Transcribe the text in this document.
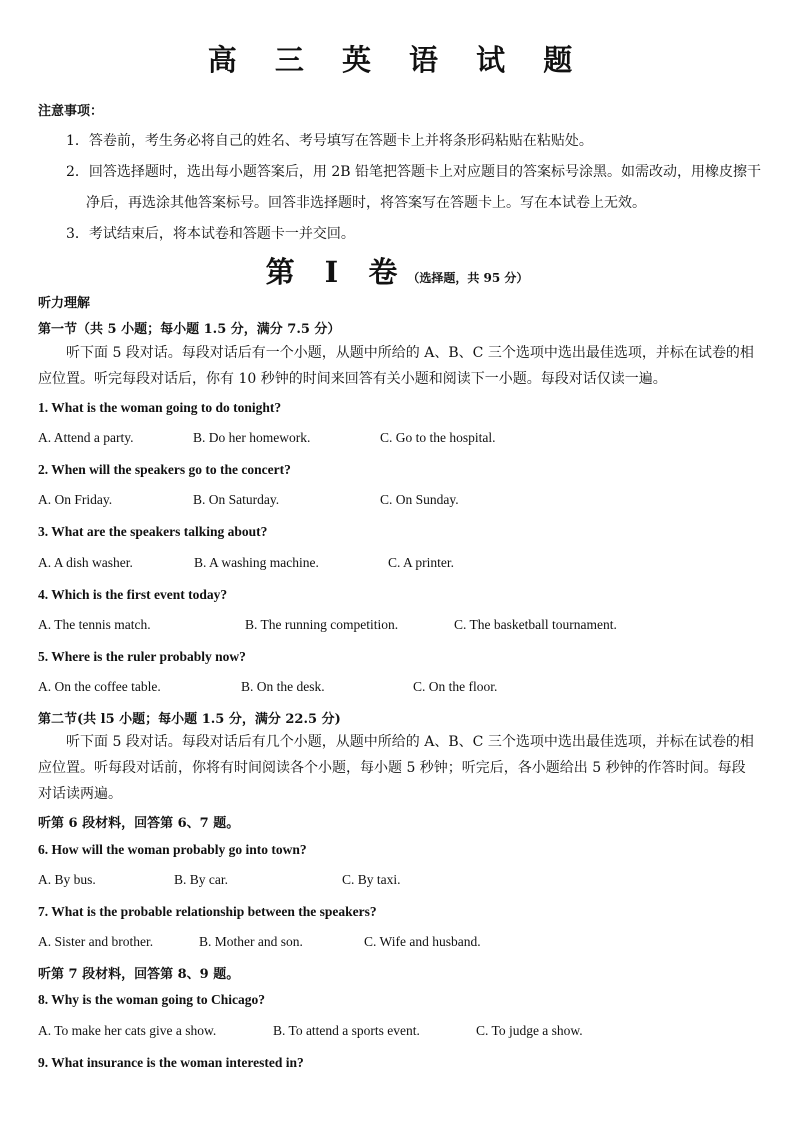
高 三 英 语 试 题
注意事项：
1．答卷前，考生务必将自己的姓名、考号填写在答题卡上并将条形码粘贴在粘贴处。
2．回答选择题时，选出每小题答案后，用 2B 铅笔把答题卡上对应题目的答案标号涂黑。如需改动，用橡皮擦干
净后，再选涂其他答案标号。回答非选择题时，将答案写在答题卡上。写在本试卷上无效。
3．考试结束后，将本试卷和答题卡一并交回。
第 Ⅰ 卷（选择题，共 95 分）
听力理解
第一节（共 5 小题；每小题 1.5 分，满分 7.5 分）
听下面 5 段对话。每段对话后有一个小题，从题中所给的 A、B、C 三个选项中选出最佳选项，并标在试卷的相应位置。听完每段对话后，你有 10 秒钟的时间来回答有关小题和阅读下一小题。每段对话仅读一遍。
1. What is the woman going to do tonight?
A. Attend a party.	B. Do her homework.	C. Go to the hospital.
2. When will the speakers go to the concert?
A. On Friday.	B. On Saturday.	C. On Sunday.
3. What are the speakers talking about?
A. A dish washer.	B. A washing machine.	C. A printer.
4. Which is the first event today?
A. The tennis match.	B. The running competition.	C. The basketball tournament.
5. Where is the ruler probably now?
A. On the coffee table.	B. On the desk.	C. On the floor.
第二节(共 l5 小题；每小题 1.5 分，满分 22.5 分)
听下面 5 段对话。每段对话后有几个小题，从题中所给的 A、B、C 三个选项中选出最佳选项，并标在试卷的相应位置。听每段对话前，你将有时间阅读各个小题，每小题 5 秒钟；听完后，各小题给出 5 秒钟的作答时间。每段对话读两遍。
听第 6 段材料，回答第 6、7 题。
6. How will the woman probably go into town?
A. By bus.	B. By car.	C. By taxi.
7. What is the probable relationship between the speakers?
A. Sister and brother.	B. Mother and son.	C. Wife and husband.
听第 7 段材料，回答第 8、9 题。
8. Why is the woman going to Chicago?
A. To make her cats give a show.	B. To attend a sports event.	C. To judge a show.
9. What insurance is the woman interested in?
